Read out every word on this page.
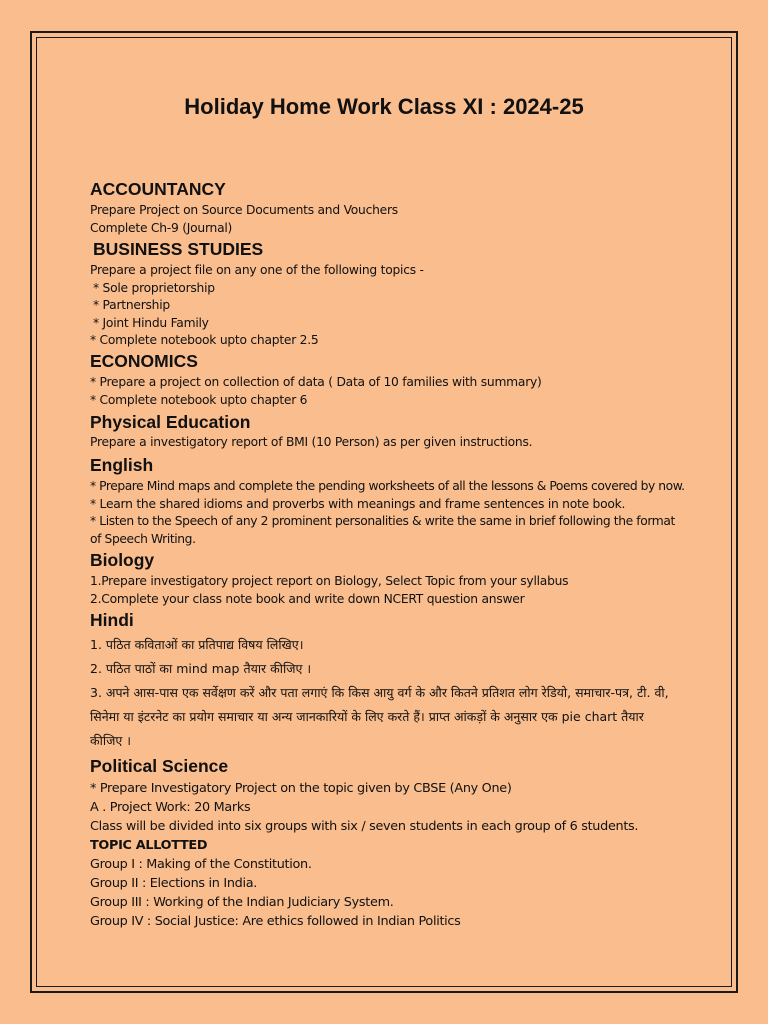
Holiday Home Work Class XI : 2024-25
ACCOUNTANCY
Prepare Project on Source Documents and Vouchers
Complete Ch-9 (Journal)
BUSINESS STUDIES
Prepare a project file on any one of the following topics -
* Sole proprietorship
* Partnership
* Joint Hindu Family
* Complete notebook upto chapter 2.5
ECONOMICS
* Prepare a project on collection of data ( Data of 10 families with summary)
* Complete notebook upto chapter 6
Physical Education
Prepare a investigatory report of BMI (10 Person) as per given instructions.
English
* Prepare Mind maps and complete the pending worksheets of all the lessons & Poems covered by now.
* Learn the shared idioms and proverbs with meanings and frame sentences in note book.
* Listen to the Speech of any 2 prominent personalities & write the same in brief following the format of Speech Writing.
Biology
1.Prepare investigatory project report on Biology, Select Topic from your syllabus
2.Complete your class note book and write down NCERT question answer
Hindi
1. पठित कविताओं का प्रतिपाद्य विषय लिखिए।
2. पठित पाठों का mind map तैयार कीजिए ।
3. अपने आस-पास एक सर्वेक्षण करें और पता लगाएं कि किस आयु वर्ग के और कितने प्रतिशत लोग रेडियो, समाचार-पत्र, टी. वी, सिनेमा या इंटरनेट का प्रयोग समाचार या अन्य जानकारियों के लिए करते हैं। प्राप्त आंकड़ों के अनुसार एक pie chart तैयार कीजिए ।
Political Science
* Prepare Investigatory Project on the topic given by CBSE (Any One)
A . Project Work: 20 Marks
Class will be divided into six groups with six / seven students in each group of 6 students.
TOPIC ALLOTTED
Group I : Making of the Constitution.
Group II : Elections in India.
Group III : Working of the Indian Judiciary System.
Group IV : Social Justice: Are ethics followed in Indian Politics
